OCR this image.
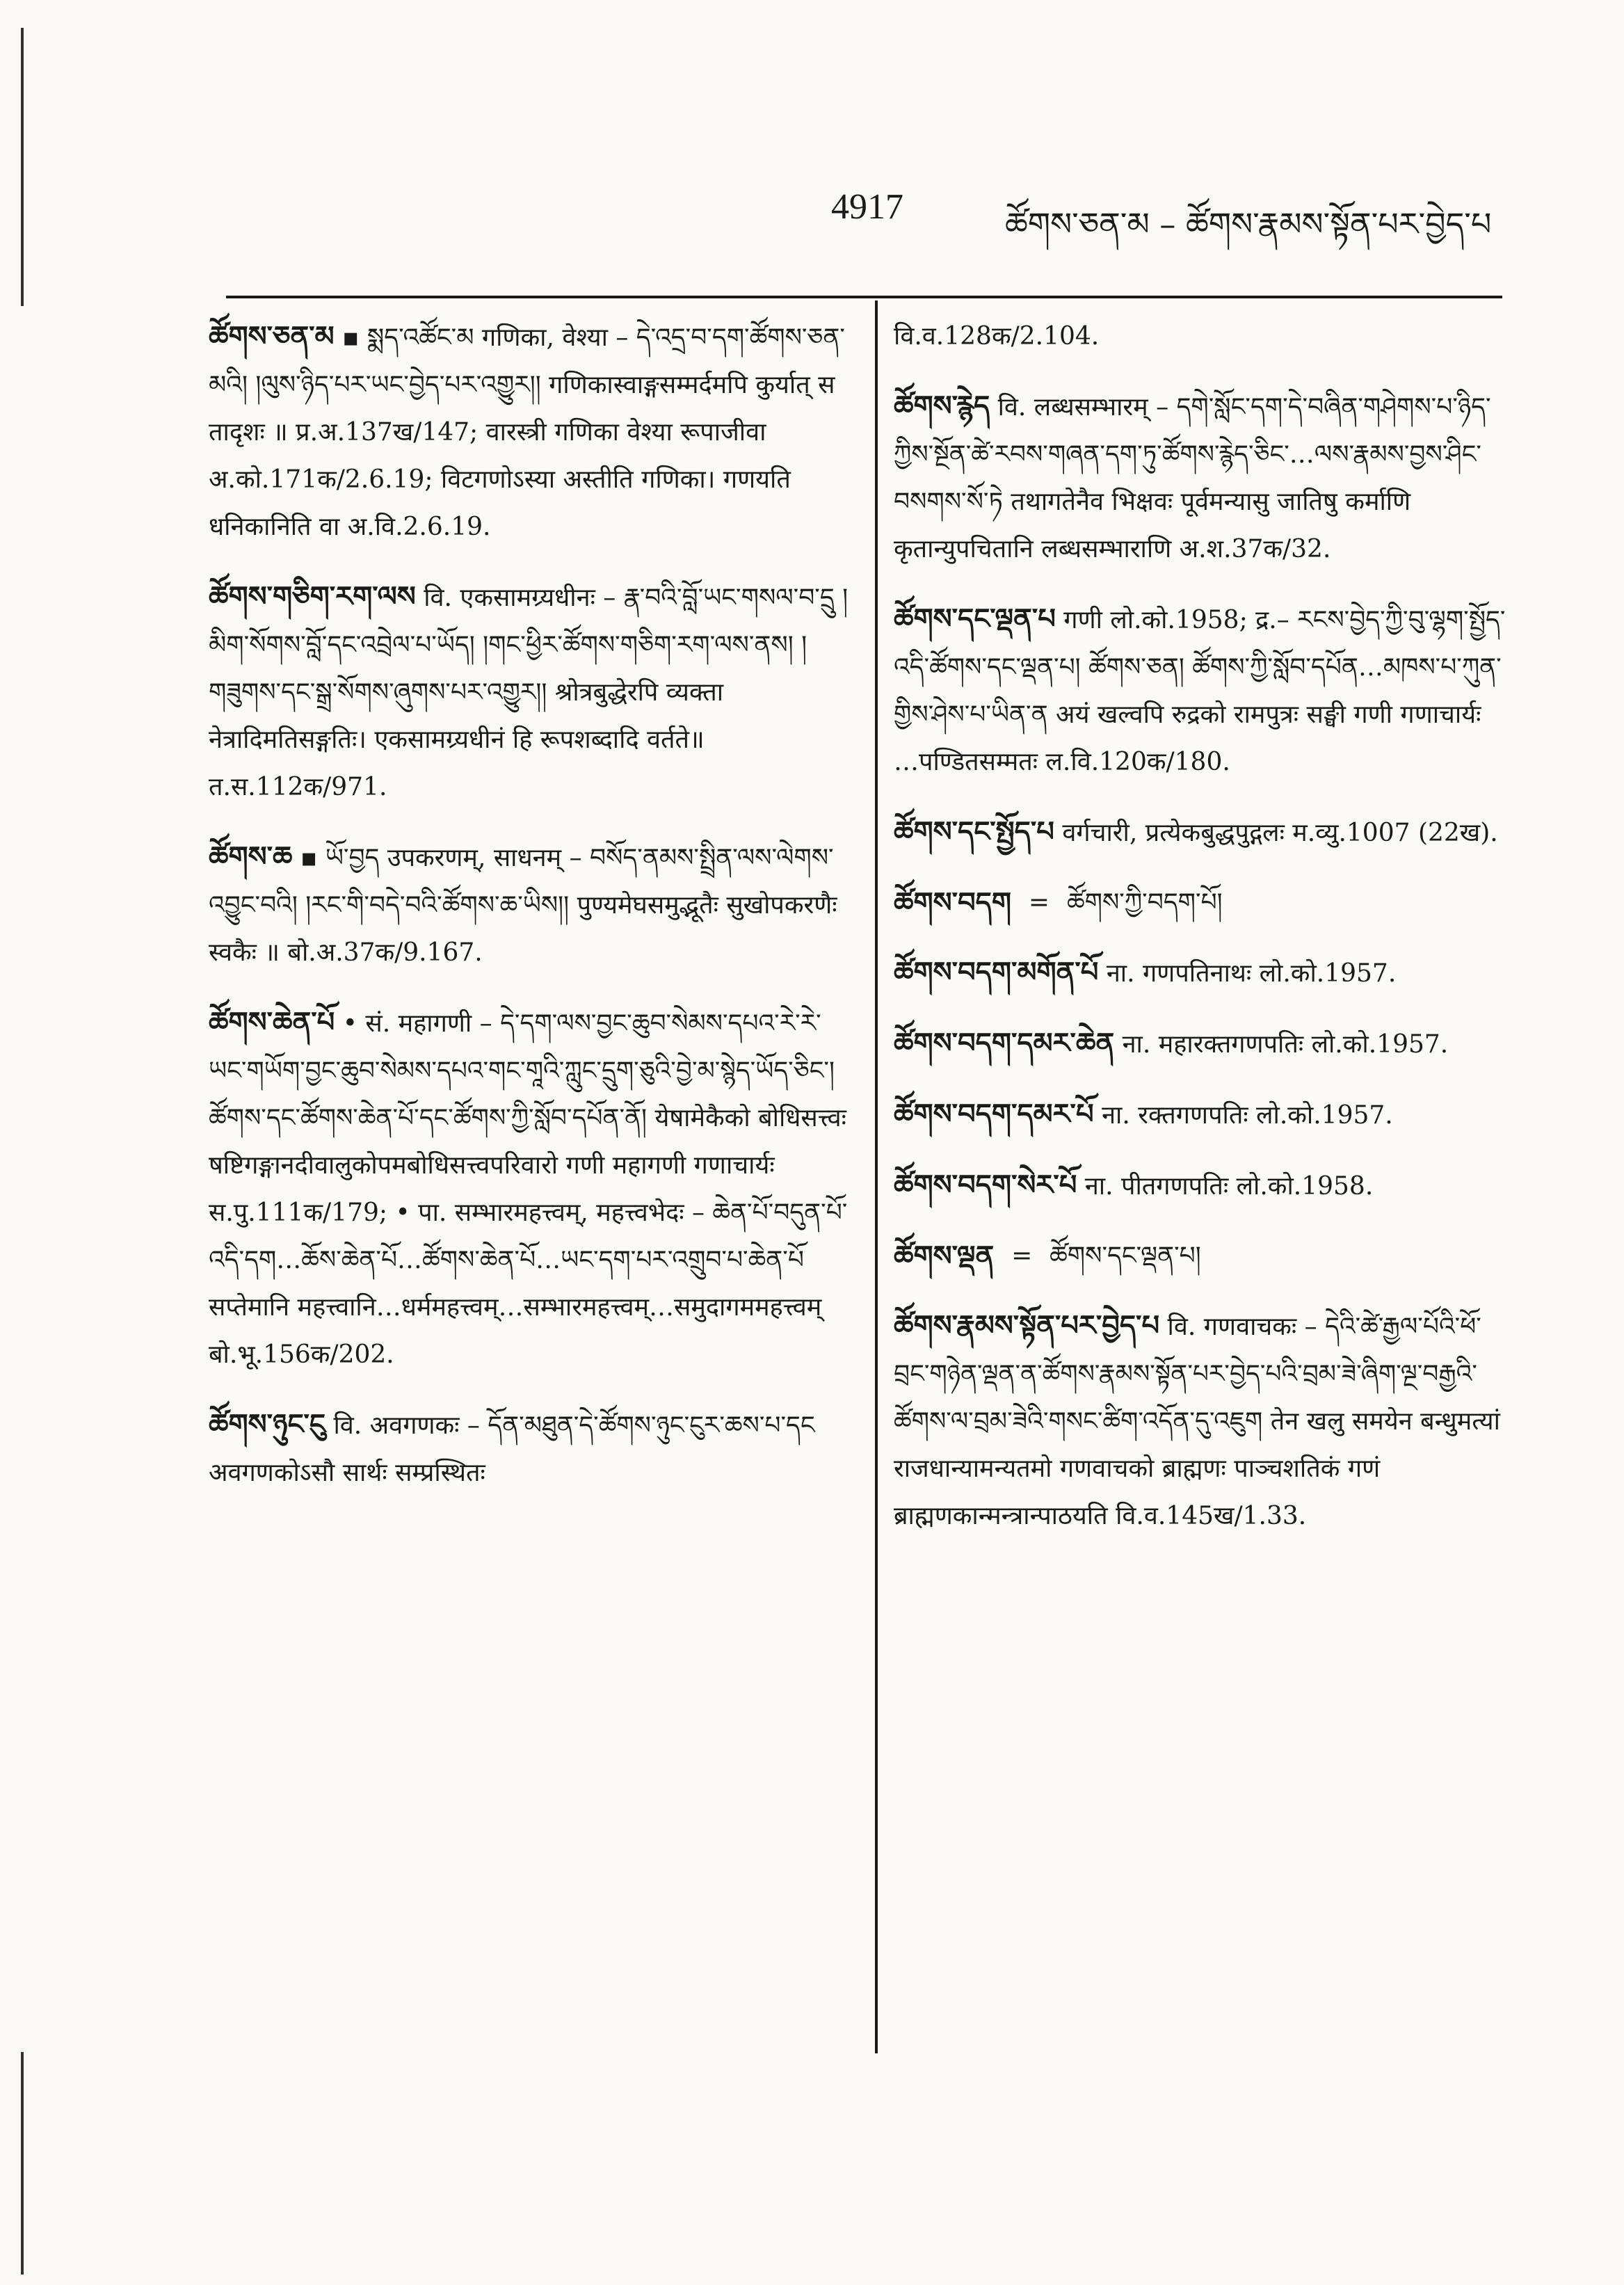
4917	ཚོགས་ཅན་མ – ཚོགས་རྣམས་སྟོན་པར་བྱེད་པ
ཚོགས་ཅན་མ ▪ སྨད་འཚོང་མ गणिका, वेश्या – དེ་འདྲ་བ་དག་ཚོགས་ཅན་མའི། །ལུས་ཉིད་པར་ཡང་བྱེད་པར་འགྱུར།། गणिकास्वाङ्गसम्मर्दमपि कुर्यात् स तादृशः ॥ प्र.अ.137ख/147; वारस्त्री गणिका वेश्या रूपाजीवा अ.को.171क/2.6.19; विटगणोऽस्या अस्तीति गणिका। गणयति धनिकानिति वा अ.वि.2.6.19.
ཚོགས་གཅིག་རག་ལས वि. एकसामग्र्यधीनः – རྣ་བའི་བློ་ཡང་གསལ་བ་དྲུ །མིག་སོགས་བློ་དང་འབྲེལ་པ་ཡོད། །གང་ཕྱིར་ཚོགས་གཅིག་རག་ལས་ནས། །གཟུགས་དང་སྒྲ་སོགས་ཞུགས་པར་འགྱུར།། श्रोत्रबुद्धेरपि व्यक्ता नेत्रादिमतिसङ्गतिः। एकसामग्र्यधीनं हि रूपशब्दादि वर्तते॥ त.स.112क/971.
ཚོགས་ཆ ▪ ཡོ་བྱད उपकरणम्, साधनम् – བསོད་ནམས་སྤྲིན་ལས་ལེགས་འབྱུང་བའི། །རང་གི་བདེ་བའི་ཚོགས་ཆ་ཡིས།། पुण्यमेघसमुद्भूतैः सुखोपकरणैः स्वकैः ॥ बो.अ.37क/9.167.
ཚོགས་ཆེན་པོ • सं. महागणी – དེ་དག་ལས་བྱང་ཆུབ་སེམས་དཔའ་རེ་རེ་ཡང་གཡོག་བྱང་ཆུབ་སེམས་དཔའ་གང་གཱའི་ཀླུང་དྲུག་ཅུའི་བྱེ་མ་སྙེད་ཡོད་ཅིང་། ཚོགས་དང་ཚོགས་ཆེན་པོ་དང་ཚོགས་ཀྱི་སློབ་དཔོན་ནོ། येषामेकैको बोधिसत्त्वः षष्टिगङ्गानदीवालुकोपमबोधिसत्त्वपरिवारो गणी महागणी गणाचार्यः स.पु.111क/179; • पा. सम्भारमहत्त्वम्, महत्त्वभेदः – ཆེན་པོ་བདུན་པོ་འདི་དག…ཆོས་ཆེན་པོ…ཚོགས་ཆེན་པོ…ཡང་དག་པར་འགྲུབ་པ་ཆེན་པོ सप्तेमानि महत्त्वानि…धर्ममहत्त्वम्…सम्भारमहत्त्वम्…समुदागममहत्त्वम् बो.भू.156क/202.
ཚོགས་ཉུང་ངུ वि. अवगणकः – དོན་མཐུན་དེ་ཚོགས་ཉུང་ངུར་ཆས་པ་དང अवगणकोऽसौ सार्थः सम्प्रस्थितः
वि.व.128क/2.104.
ཚོགས་རྙེད वि. लब्धसम्भारम् – དགེ་སློང་དག་དེ་བཞིན་གཤེགས་པ་ཉིད་ཀྱིས་སྔོན་ཚེ་རབས་གཞན་དག་ཏུ་ཚོགས་རྙེད་ཅིང་…ལས་རྣམས་བྱས་ཤིང་བསགས་སོ་ཏེ तथागतेनैव भिक्षवः पूर्वमन्यासु जातिषु कर्माणि कृतान्युपचितानि लब्धसम्भाराणि अ.श.37क/32.
ཚོགས་དང་ལྡན་པ गणी लो.को.1958; द्र.– རངས་བྱེད་ཀྱི་བུ་ལྷག་སྤྱོད་འདི་ཚོགས་དང་ལྡན་པ། ཚོགས་ཅན། ཚོགས་ཀྱི་སློབ་དཔོན…མཁས་པ་ཀུན་གྱིས་ཤེས་པ་ཡིན་ན अयं खल्वपि रुद्रको रामपुत्रः सङ्घी गणी गणाचार्यः …पण्डितसम्मतः ल.वि.120क/180.
ཚོགས་དང་སྤྱོད་པ वर्गचारी, प्रत्येकबुद्धपुद्गलः म.व्यु.1007 (22ख).
ཚོགས་བདག = ཚོགས་ཀྱི་བདག་པོ།
ཚོགས་བདག་མགོན་པོ ना. गणपतिनाथः लो.को.1957.
ཚོགས་བདག་དམར་ཆེན ना. महारक्तगणपतिः लो.को.1957.
ཚོགས་བདག་དམར་པོ ना. रक्तगणपतिः लो.को.1957.
ཚོགས་བདག་སེར་པོ ना. पीतगणपतिः लो.को.1958.
ཚོགས་ལྡན = ཚོགས་དང་ལྡན་པ།
ཚོགས་རྣམས་སྟོན་པར་བྱེད་པ वि. गणवाचकः – དེའི་ཚེ་རྒྱལ་པོའི་ཕོ་བྲང་གཉེན་ལྡན་ན་ཚོགས་རྣམས་སྟོན་པར་བྱེད་པའི་བྲམ་ཟེ་ཞིག་ལྔ་བརྒྱའི་ཚོགས་ལ་བྲམ་ཟེའི་གསང་ཚིག་འདོན་དུ་འཇུག तेन खलु समयेन बन्धुमत्यां राजधान्यामन्यतमो गणवाचको ब्राह्मणः पाञ्चशतिकं गणं ब्राह्मणकान्मन्त्रान्पाठयति वि.व.145ख/1.33.
